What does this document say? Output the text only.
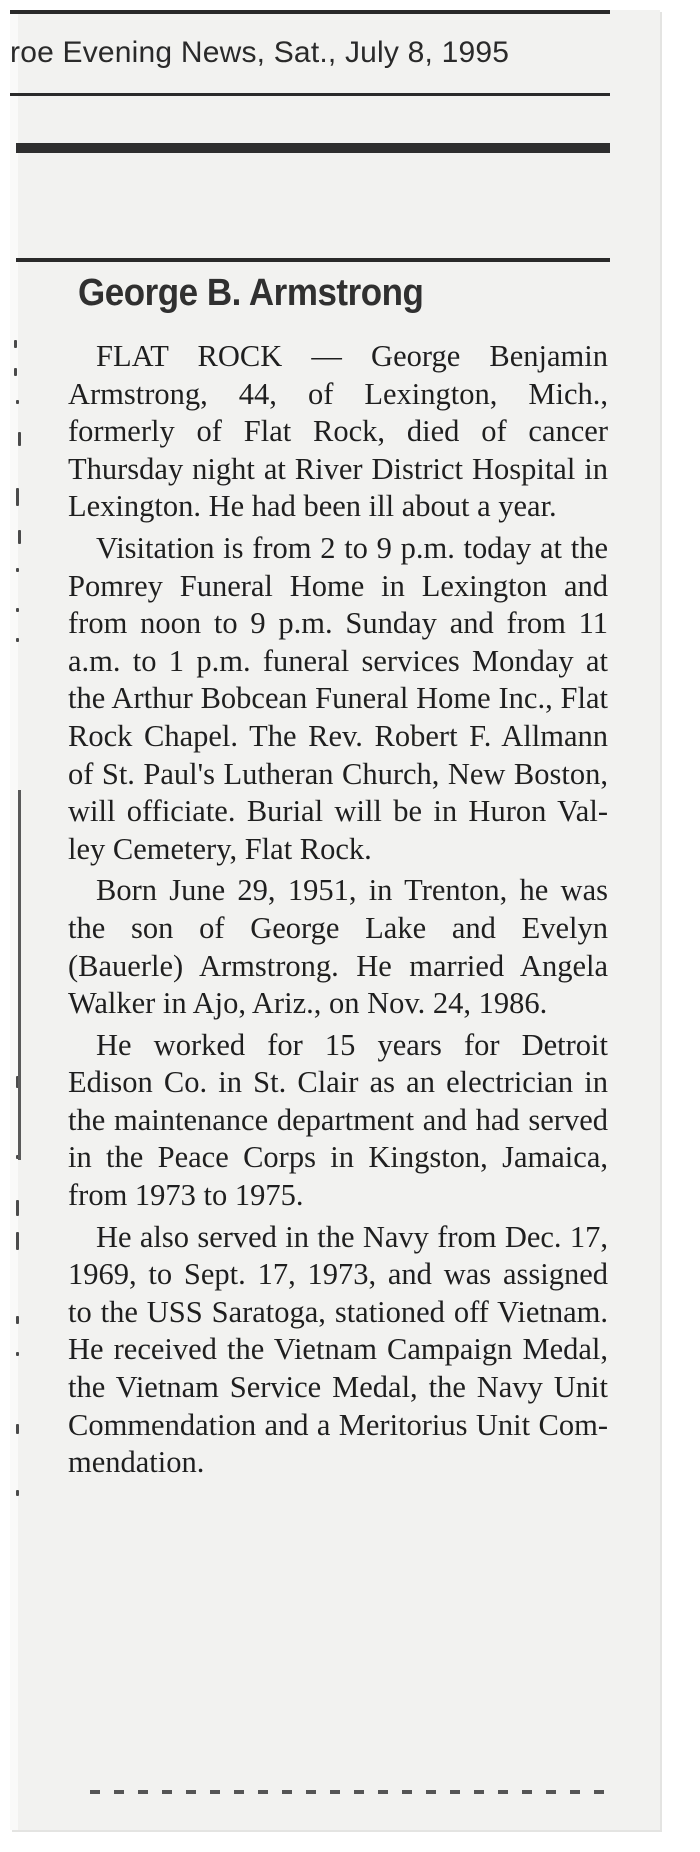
roe Evening News, Sat., July 8, 1995
George B. Armstrong

FLAT ROCK — George Benjamin Armstrong, 44, of Lexington, Mich., formerly of Flat Rock, died of cancer Thursday night at River District Hospital in Lexington. He had been ill about a year.

Visitation is from 2 to 9 p.m. today at the Pomrey Funeral Home in Lexington and from noon to 9 p.m. Sunday and from 11 a.m. to 1 p.m. funeral services Monday at the Arthur Bobcean Funeral Home Inc., Flat Rock Chapel. The Rev. Robert F. Allmann of St. Paul's Lutheran Church, New Boston, will officiate. Burial will be in Huron Valley Cemetery, Flat Rock.

Born June 29, 1951, in Trenton, he was the son of George Lake and Evelyn (Bauerle) Armstrong. He married Angela Walker in Ajo, Ariz., on Nov. 24, 1986.

He worked for 15 years for Detroit Edison Co. in St. Clair as an electrician in the maintenance department and had served in the Peace Corps in Kingston, Jamaica, from 1973 to 1975.

He also served in the Navy from Dec. 17, 1969, to Sept. 17, 1973, and was assigned to the USS Saratoga, stationed off Vietnam. He received the Vietnam Campaign Medal, the Vietnam Service Medal, the Navy Unit Commendation and a Meritorius Unit Commendation.
